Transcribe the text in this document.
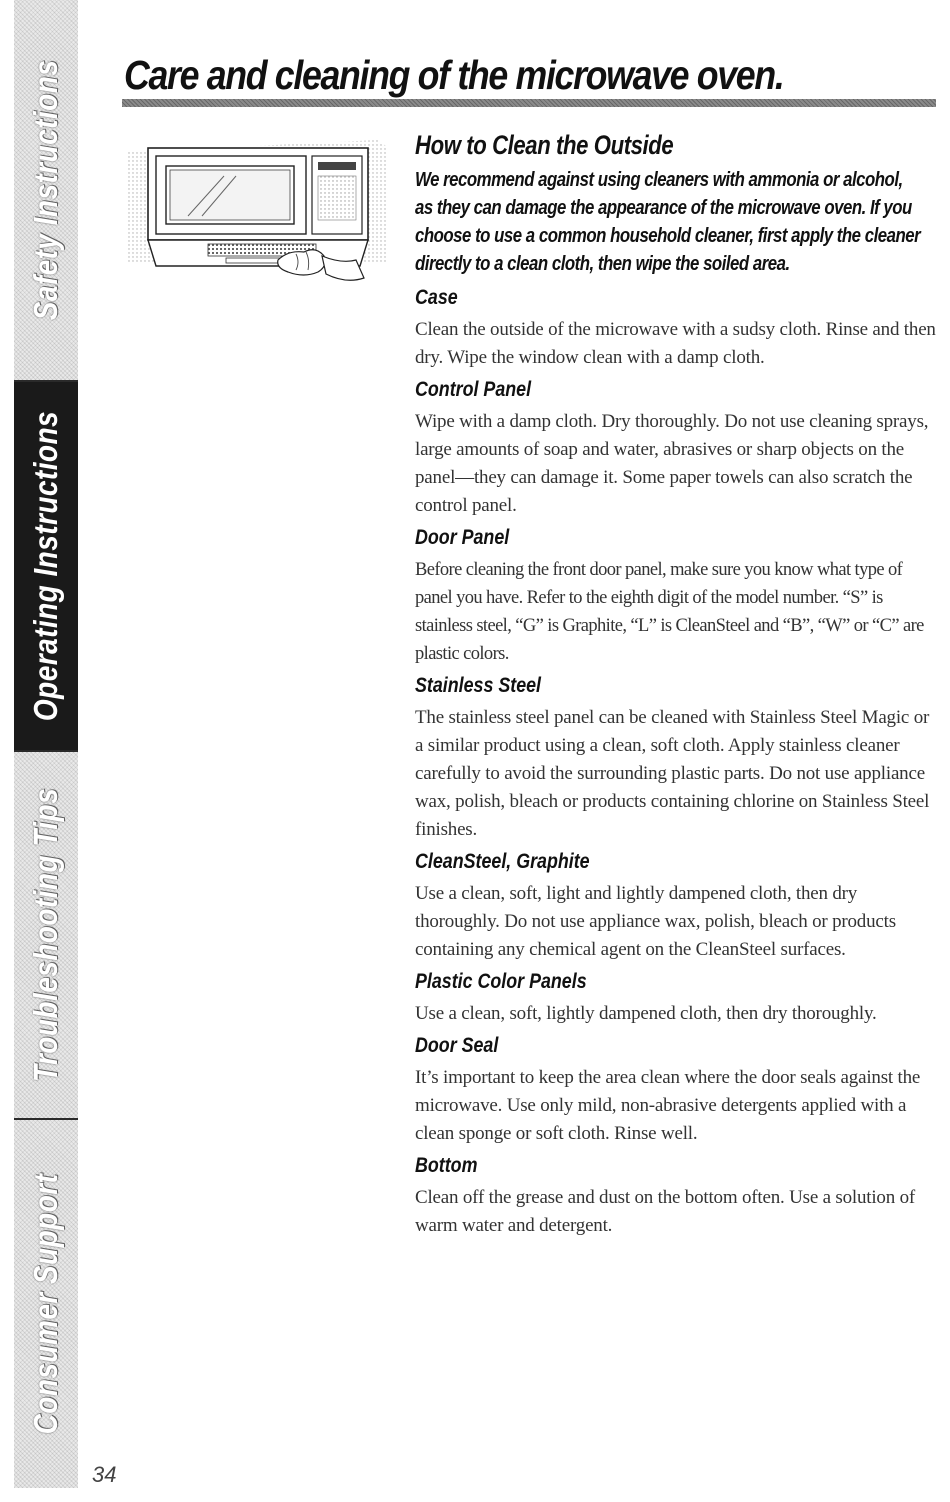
Safety Instructions
Operating Instructions
Troubleshooting Tips
Consumer Support
Care and cleaning of the microwave oven.
How to Clean the Outside

We recommend against using cleaners with ammonia or alcohol, as they can damage the appearance of the microwave oven. If you choose to use a common household cleaner, first apply the cleaner directly to a clean cloth, then wipe the soiled area.

Case

Clean the outside of the microwave with a sudsy cloth. Rinse and then dry. Wipe the window clean with a damp cloth.

Control Panel

Wipe with a damp cloth. Dry thoroughly. Do not use cleaning sprays, large amounts of soap and water, abrasives or sharp objects on the panel—they can damage it. Some paper towels can also scratch the control panel.

Door Panel

Before cleaning the front door panel, make sure you know what type of panel you have. Refer to the eighth digit of the model number. “S” is stainless steel, “G” is Graphite, “L” is CleanSteel and “B”, “W” or “C” are plastic colors.

Stainless Steel

The stainless steel panel can be cleaned with Stainless Steel Magic or a similar product using a clean, soft cloth. Apply stainless cleaner carefully to avoid the surrounding plastic parts. Do not use appliance wax, polish, bleach or products containing chlorine on Stainless Steel finishes.

CleanSteel, Graphite

Use a clean, soft, light and lightly dampened cloth, then dry thoroughly. Do not use appliance wax, polish, bleach or products containing any chemical agent on the CleanSteel surfaces.

Plastic Color Panels

Use a clean, soft, lightly dampened cloth, then dry thoroughly.

Door Seal

It’s important to keep the area clean where the door seals against the microwave. Use only mild, non-abrasive detergents applied with a clean sponge or soft cloth. Rinse well.

Bottom

Clean off the grease and dust on the bottom often. Use a solution of warm water and detergent.

34
